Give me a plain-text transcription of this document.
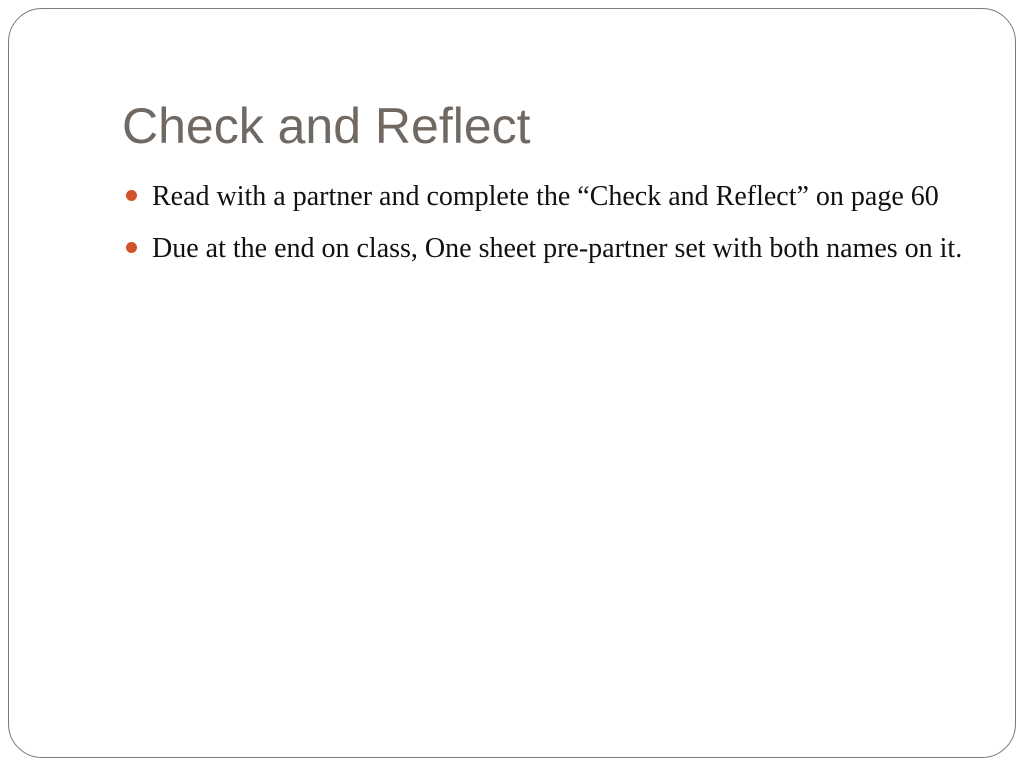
Check and Reflect
Read with a partner and complete the “Check and Reflect” on page 60
Due at the end on class, One sheet pre-partner set with both names on it.
